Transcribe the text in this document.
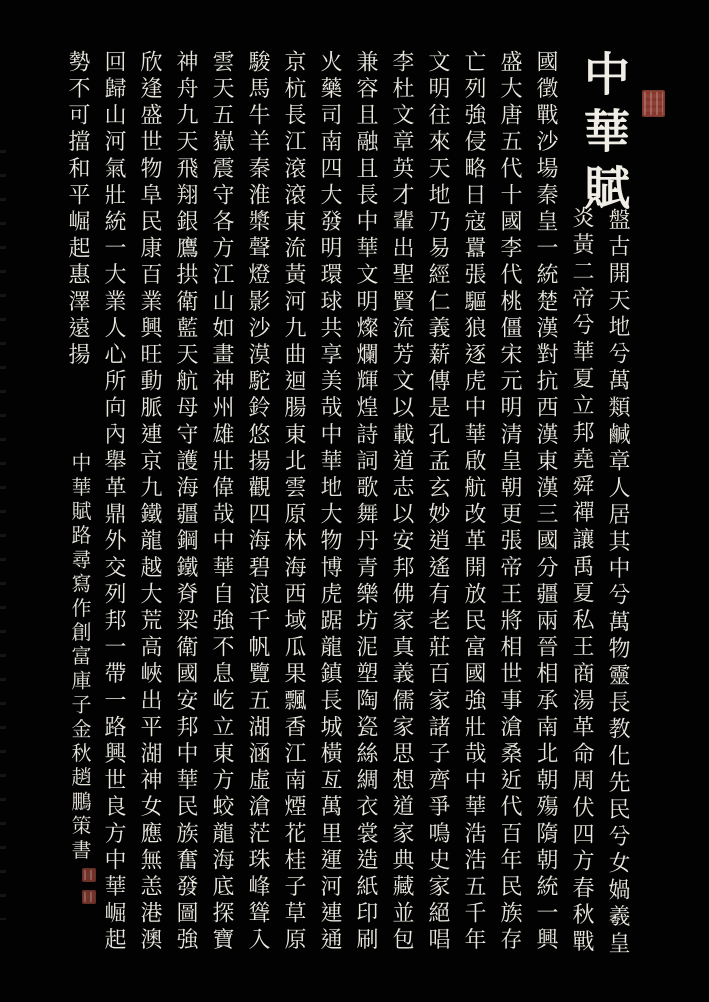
中華賦
盤古開天地兮萬類鹹章人居其中兮萬物靈長教化先民兮女媧羲皇
炎黃二帝兮華夏立邦堯舜禪讓禹夏私王商湯革命周伏四方春秋戰
國徵戰沙場秦皇一統楚漢對抗西漢東漢三國分疆兩晉相承南北朝殤隋朝統一興
盛大唐五代十國李代桃僵宋元明清皇朝更張帝王將相世事滄桑近代百年民族存
亡列強侵略日寇囂張驅狼逐虎中華啟航改革開放民富國強壯哉中華浩浩五千年
文明往來天地乃易經仁義薪傳是孔孟玄妙逍遙有老莊百家諸子齊爭鳴史家絕唱
李杜文章英才輩出聖賢流芳文以載道志以安邦佛家真義儒家思想道家典藏並包
兼容且融且長中華文明燦爛輝煌詩詞歌舞丹青樂坊泥塑陶瓷絲綢衣裳造紙印刷
火藥司南四大發明環球共享美哉中華地大物博虎踞龍鎮長城橫亙萬里運河連通
京杭長江滾滾東流黃河九曲迴腸東北雲原林海西域瓜果飄香江南煙花桂子草原
駿馬牛羊秦淮槳聲燈影沙漠駝鈴悠揚觀四海碧浪千帆覽五湖涵虛滄茫珠峰聳入
雲天五嶽震守各方江山如畫神州雄壯偉哉中華自強不息屹立東方蛟龍海底探寶
神舟九天飛翔銀鷹拱衛藍天航母守護海疆鋼鐵脊梁衛國安邦中華民族奮發圖強
欣逢盛世物阜民康百業興旺動脈連京九鐵龍越大荒高峽出平湖神女應無恙港澳
回歸山河氣壯統一大業人心所向內舉革鼎外交列邦一帶一路興世良方中華崛起
勢不可擋和平崛起惠澤遠揚
中華賦路尋寫作創富庫子金秋趙鵬策書
